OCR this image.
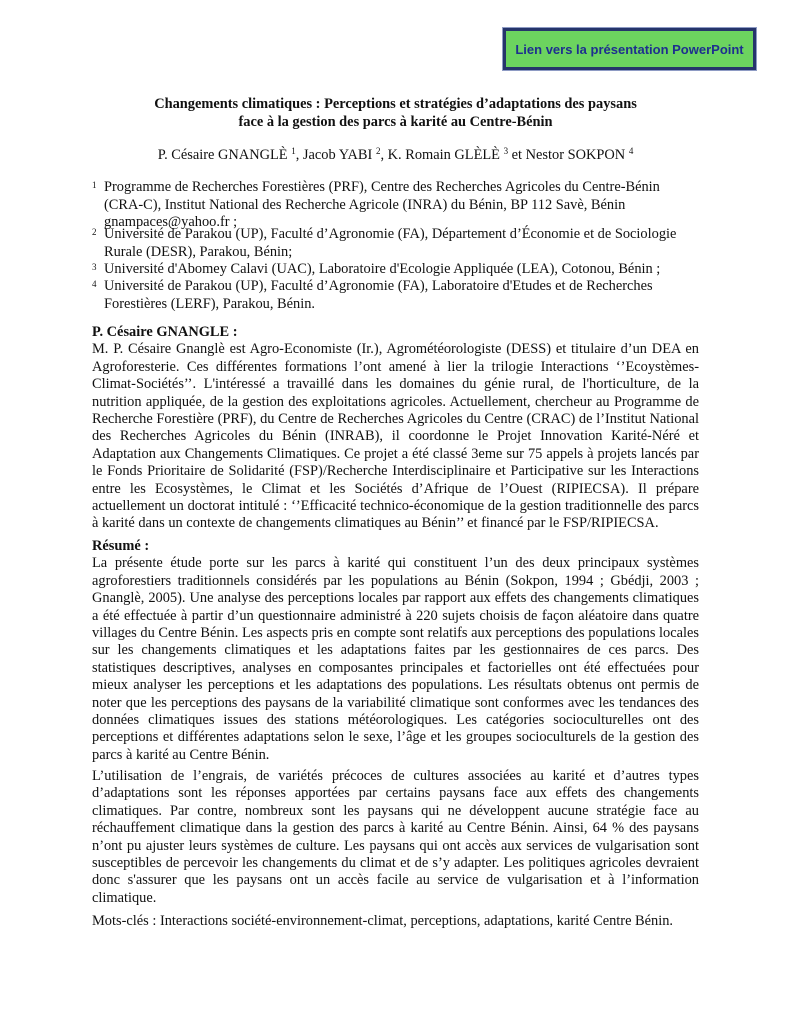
Lien vers la présentation PowerPoint
Changements climatiques : Perceptions et stratégies d’adaptations des paysans
face à la gestion des parcs à karité au Centre-Bénin
P. Césaire GNANGLÈ $^1$, Jacob YABI $^2$, K. Romain GLÈLÈ $^3$ et Nestor SOKPON $^4$
1 Programme de Recherches Forestières (PRF), Centre des Recherches Agricoles du Centre-Bénin (CRA-C), Institut National des Recherche Agricole (INRA) du Bénin, BP 112 Savè, Bénin gnampaces@yahoo.fr ;
2 Université de Parakou (UP), Faculté d’Agronomie (FA), Département d’Économie et de Sociologie Rurale (DESR), Parakou, Bénin;
3 Université d'Abomey Calavi (UAC), Laboratoire d'Ecologie Appliquée (LEA), Cotonou, Bénin ;
4 Université de Parakou (UP), Faculté d’Agronomie (FA), Laboratoire d'Etudes et de Recherches Forestières (LERF), Parakou, Bénin.
P. Césaire GNANGLE :
M. P. Césaire Gnanglè est Agro-Economiste (Ir.), Agrométéorologiste (DESS) et titulaire d’un DEA en Agroforesterie. Ces différentes formations l’ont amené à lier la trilogie Interactions ‘’Ecoystèmes-Climat-Sociétés’’. L'intéressé a travaillé dans les domaines du génie rural, de l'horticulture, de la nutrition appliquée, de la gestion des exploitations agricoles. Actuellement, chercheur au Programme de Recherche Forestière (PRF), du Centre de Recherches Agricoles du Centre (CRAC) de l’Institut National des Recherches Agricoles du Bénin (INRAB), il coordonne le Projet Innovation Karité-Néré et Adaptation aux Changements Climatiques. Ce projet a été classé 3eme sur 75 appels à projets lancés par le Fonds Prioritaire de Solidarité (FSP)/Recherche Interdisciplinaire et Participative sur les Interactions entre les Ecosystèmes, le Climat et les Sociétés d’Afrique de l’Ouest (RIPIECSA). Il prépare actuellement un doctorat intitulé : ‘’Efficacité technico-économique de la gestion traditionnelle des parcs à karité dans un contexte de changements climatiques au Bénin’’ et financé par le FSP/RIPIECSA.
Résumé :
La présente étude porte sur les parcs à karité qui constituent l’un des deux principaux systèmes agroforestiers traditionnels considérés par les populations au Bénin (Sokpon, 1994 ; Gbédji, 2003 ; Gnanglè, 2005). Une analyse des perceptions locales par rapport aux effets des changements climatiques a été effectuée à partir d’un questionnaire administré à 220 sujets choisis de façon aléatoire dans quatre villages du Centre Bénin. Les aspects pris en compte sont relatifs aux perceptions des populations locales sur les changements climatiques et les adaptations faites par les gestionnaires de ces parcs. Des statistiques descriptives, analyses en composantes principales et factorielles ont été effectuées pour mieux analyser les perceptions et les adaptations des populations. Les résultats obtenus ont permis de noter que les perceptions des paysans de la variabilité climatique sont conformes avec les tendances des données climatiques issues des stations météorologiques. Les catégories socioculturelles ont des perceptions et différentes adaptations selon le sexe, l’âge et les groupes socioculturels de la gestion des parcs à karité au Centre Bénin.
L’utilisation de l’engrais, de variétés précoces de cultures associées au karité et d’autres types d’adaptations sont les réponses apportées par certains paysans face aux effets des changements climatiques. Par contre, nombreux sont les paysans qui ne développent aucune stratégie face au réchauffement climatique dans la gestion des parcs à karité au Centre Bénin. Ainsi, 64 % des paysans n’ont pu ajuster leurs systèmes de culture. Les paysans qui ont accès aux services de vulgarisation sont susceptibles de percevoir les changements du climat et de s’y adapter. Les politiques agricoles devraient donc s'assurer que les paysans ont un accès facile au service de vulgarisation et à l’information climatique.
Mots-clés : Interactions société-environnement-climat, perceptions, adaptations, karité Centre Bénin.
